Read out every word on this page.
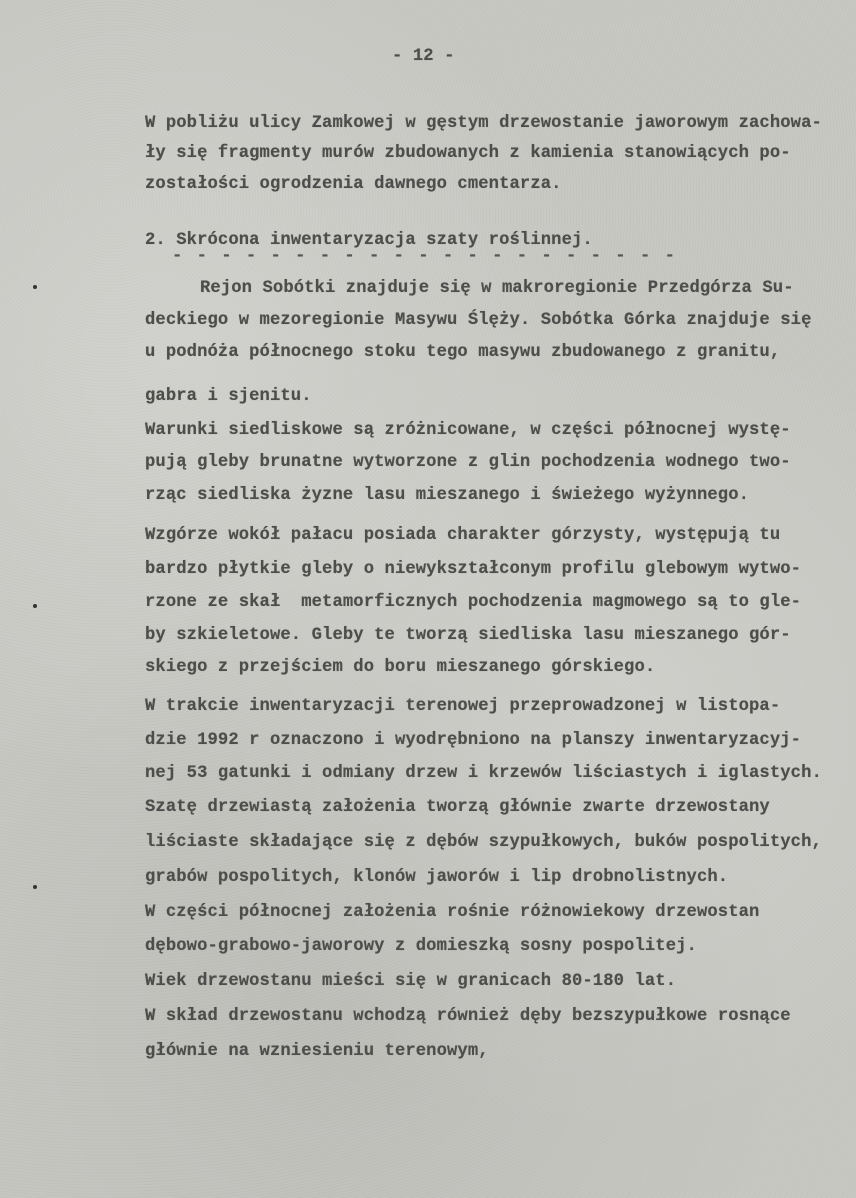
- 12 -
W pobliżu ulicy Zamkowej w gęstym drzewostanie jaworowym zachowa-
ły się fragmenty murów zbudowanych z kamienia stanowiących po-
zostałości ogrodzenia dawnego cmentarza.
2. Skrócona inwentaryzacja szaty roślinnej.
- - - - - - - - - - - - - - - - - - - - -
Rejon Sobótki znajduje się w makroregionie Przedgórza Su-
deckiego w mezoregionie Masywu Ślęży. Sobótka Górka znajduje się
u podnóża północnego stoku tego masywu zbudowanego z granitu,
gabra i sjenitu.
Warunki siedliskowe są zróżnicowane, w części północnej wystę-
pują gleby brunatne wytworzone z glin pochodzenia wodnego two-
rząc siedliska żyzne lasu mieszanego i świeżego wyżynnego.
Wzgórze wokół pałacu posiada charakter górzysty, występują tu
bardzo płytkie gleby o niewykształconym profilu glebowym wytwo-
rzone ze skał  metamorficznych pochodzenia magmowego są to gle-
by szkieletowe. Gleby te tworzą siedliska lasu mieszanego gór-
skiego z przejściem do boru mieszanego górskiego.
W trakcie inwentaryzacji terenowej przeprowadzonej w listopa-
dzie 1992 r oznaczono i wyodrębniono na planszy inwentaryzacyj-
nej 53 gatunki i odmiany drzew i krzewów liściastych i iglastych.
Szatę drzewiastą założenia tworzą głównie zwarte drzewostany
liściaste składające się z dębów szypułkowych, buków pospolitych,
grabów pospolitych, klonów jaworów i lip drobnolistnych.
W części północnej założenia rośnie różnowiekowy drzewostan
dębowo-grabowo-jaworowy z domieszką sosny pospolitej.
Wiek drzewostanu mieści się w granicach 80-180 lat.
W skład drzewostanu wchodzą również dęby bezszypułkowe rosnące
głównie na wzniesieniu terenowym,
